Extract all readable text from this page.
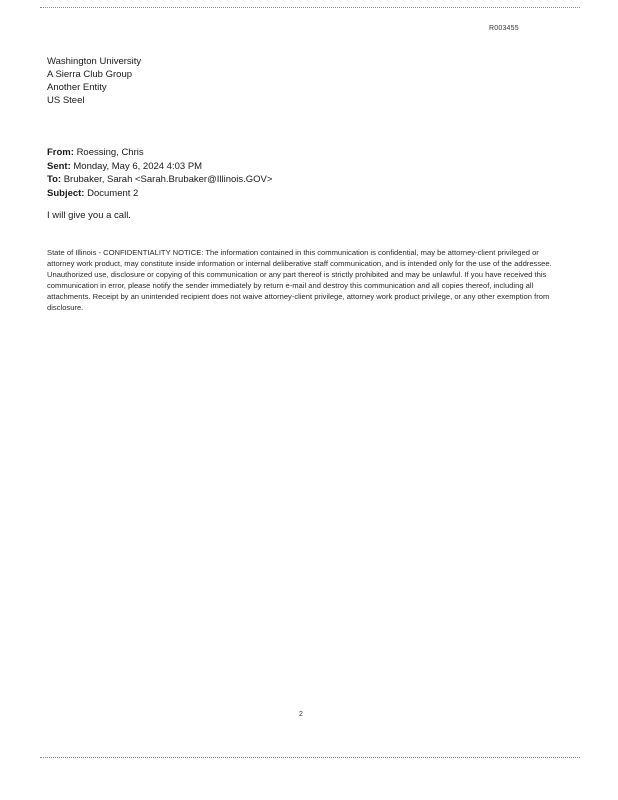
R003455
Washington University
A Sierra Club Group
Another Entity
US Steel
From: Roessing, Chris
Sent: Monday, May 6, 2024 4:03 PM
To: Brubaker, Sarah <Sarah.Brubaker@Illinois.GOV>
Subject: Document 2
I will give you a call.
State of Illinois - CONFIDENTIALITY NOTICE: The information contained in this communication is confidential, may be attorney-client privileged or attorney work product, may constitute inside information or internal deliberative staff communication, and is intended only for the use of the addressee. Unauthorized use, disclosure or copying of this communication or any part thereof is strictly prohibited and may be unlawful. If you have received this communication in error, please notify the sender immediately by return e-mail and destroy this communication and all copies thereof, including all attachments. Receipt by an unintended recipient does not waive attorney-client privilege, attorney work product privilege, or any other exemption from disclosure.
2
